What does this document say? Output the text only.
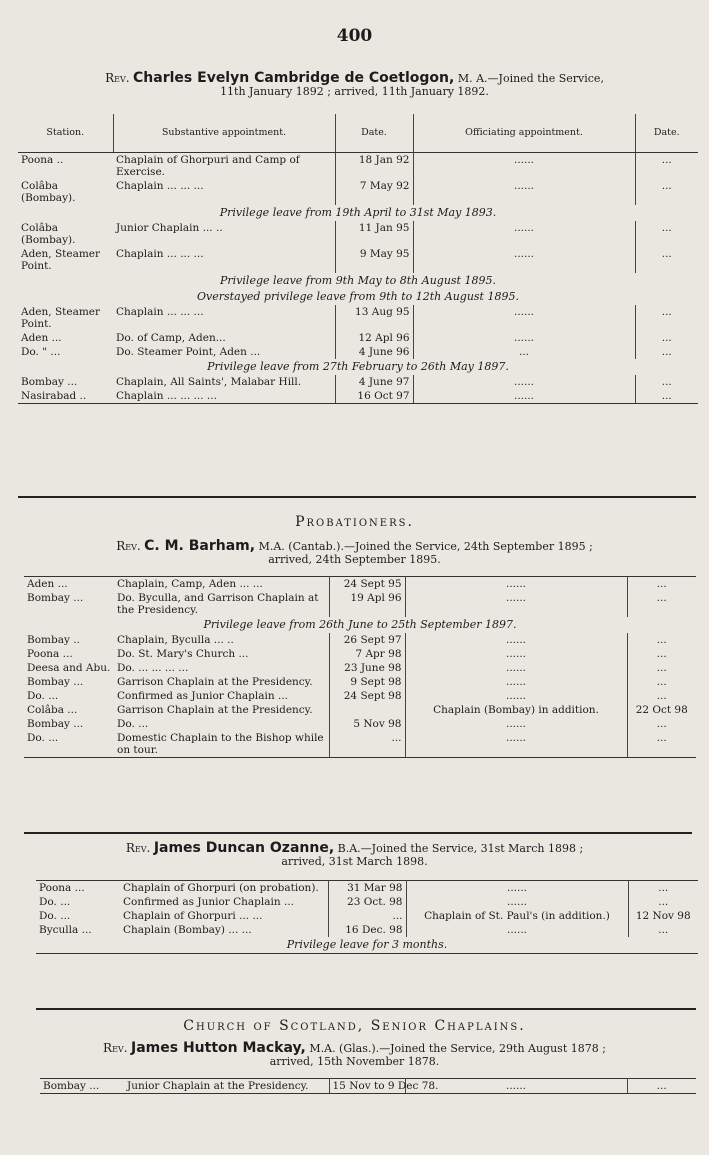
400
Rev. Charles Evelyn Cambridge de Coetlogon, M. A.—Joined the Service,
11th January 1892 ; arrived, 11th January 1892.
Station.	Substantive appointment.	Date.	Officiating appointment.	Date.
Poona ..	Chaplain of Ghorpuri and Camp of Exercise.	18 Jan 92	......	...
Colâba (Bombay).	Chaplain ... ... ...	7 May 92	......	...
Privilege leave from 19th April to 31st May 1893.				
Colâba (Bombay).	Junior Chaplain ... ..	11 Jan 95	......	...
Aden, Steamer Point.	Chaplain ... ... ...	9 May 95	......	...
Privilege leave from 9th May to 8th August 1895.				
Overstayed privilege leave from 9th to 12th August 1895.				
Aden, Steamer Point.	Chaplain ... ... ...	13 Aug 95	......	...
Aden ...	Do. of Camp, Aden...	12 Apl 96	......	...
Do. " ...	Do. Steamer Point, Aden ...	4 June 96	...	...
Privilege leave from 27th February to 26th May 1897.				
Bombay ...	Chaplain, All Saints', Malabar Hill.	4 June 97	......	...
Nasirabad ..	Chaplain ... ... ... ...	16 Oct 97	......	...
Probationers.
Rev. C. M. Barham, M.A. (Cantab.).—Joined the Service, 24th September 1895 ;
arrived, 24th September 1895.
Aden ...	Chaplain, Camp, Aden ... ...	24 Sept 95	......	...
Bombay ...	Do. Byculla, and Garrison Chaplain at the Presidency.	19 Apl 96	......	...
Privilege leave from 26th June to 25th September 1897.				
Bombay ..	Chaplain, Byculla ... ..	26 Sept 97	......	...
Poona ...	Do. St. Mary's Church ...	7 Apr 98	......	...
Deesa and Abu.	Do. ... ... ... ...	23 June 98	......	...
Bombay ...	Garrison Chaplain at the Presidency.	9 Sept 98	......	...
Do. ...	Confirmed as Junior Chaplain ...	24 Sept 98	......	...
Colâba ...	Garrison Chaplain at the Presidency.		Chaplain (Bombay) in addition.	22 Oct 98
Bombay ...	Do. ...	5 Nov 98	......	...
Do. ...	Domestic Chaplain to the Bishop while on tour.	...	......	...
Rev. James Duncan Ozanne, B.A.—Joined the Service, 31st March 1898 ;
arrived, 31st March 1898.
Poona ...	Chaplain of Ghorpuri (on probation).	31 Mar 98	......	...
Do. ...	Confirmed as Junior Chaplain ...	23 Oct. 98	......	...
Do. ...	Chaplain of Ghorpuri ... ...	...	Chaplain of St. Paul's (in addition.)	12 Nov 98
Byculla ...	Chaplain (Bombay) ... ...	16 Dec. 98	......	...
Privilege leave for 3 months.				
Church of Scotland, Senior Chaplains.
Rev. James Hutton Mackay, M.A. (Glas.).—Joined the Service, 29th August 1878 ;
arrived, 15th November 1878.
Bombay ...	Junior Chaplain at the Presidency.	15 Nov to 9 Dec 78.	......	...
